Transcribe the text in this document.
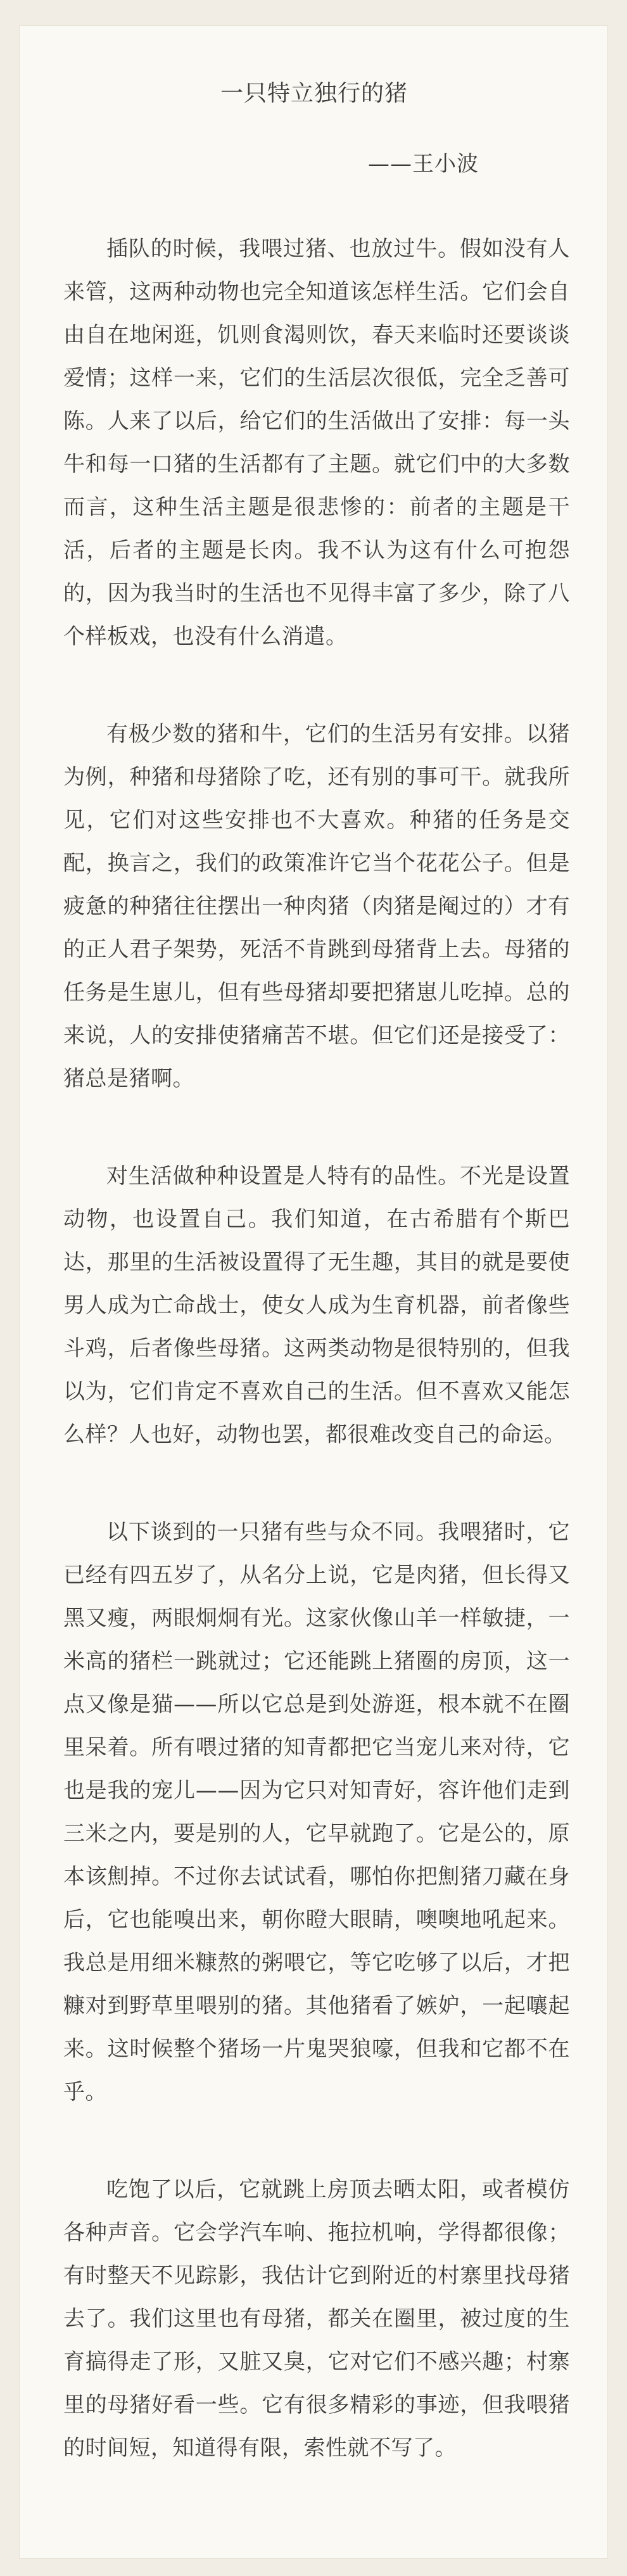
一只特立独行的猪

——王小波

插队的时候，我喂过猪、也放过牛。假如没有人来管，这两种动物也完全知道该怎样生活。它们会自由自在地闲逛，饥则食渴则饮，春天来临时还要谈谈爱情；这样一来，它们的生活层次很低，完全乏善可陈。人来了以后，给它们的生活做出了安排：每一头牛和每一口猪的生活都有了主题。就它们中的大多数而言，这种生活主题是很悲惨的：前者的主题是干活，后者的主题是长肉。我不认为这有什么可抱怨的，因为我当时的生活也不见得丰富了多少，除了八个样板戏，也没有什么消遣。

有极少数的猪和牛，它们的生活另有安排。以猪为例，种猪和母猪除了吃，还有别的事可干。就我所见，它们对这些安排也不大喜欢。种猪的任务是交配，换言之，我们的政策准许它当个花花公子。但是疲惫的种猪往往摆出一种肉猪（肉猪是阉过的）才有的正人君子架势，死活不肯跳到母猪背上去。母猪的任务是生崽儿，但有些母猪却要把猪崽儿吃掉。总的来说，人的安排使猪痛苦不堪。但它们还是接受了：猪总是猪啊。

对生活做种种设置是人特有的品性。不光是设置动物，也设置自己。我们知道，在古希腊有个斯巴达，那里的生活被设置得了无生趣，其目的就是要使男人成为亡命战士，使女人成为生育机器，前者像些斗鸡，后者像些母猪。这两类动物是很特别的，但我以为，它们肯定不喜欢自己的生活。但不喜欢又能怎么样？人也好，动物也罢，都很难改变自己的命运。

以下谈到的一只猪有些与众不同。我喂猪时，它已经有四五岁了，从名分上说，它是肉猪，但长得又黑又瘦，两眼炯炯有光。这家伙像山羊一样敏捷，一米高的猪栏一跳就过；它还能跳上猪圈的房顶，这一点又像是猫——所以它总是到处游逛，根本就不在圈里呆着。所有喂过猪的知青都把它当宠儿来对待，它也是我的宠儿——因为它只对知青好，容许他们走到三米之内，要是别的人，它早就跑了。它是公的，原本该劁掉。不过你去试试看，哪怕你把劁猪刀藏在身后，它也能嗅出来，朝你瞪大眼睛，噢噢地吼起来。我总是用细米糠熬的粥喂它，等它吃够了以后，才把糠对到野草里喂别的猪。其他猪看了嫉妒，一起嚷起来。这时候整个猪场一片鬼哭狼嚎，但我和它都不在乎。

吃饱了以后，它就跳上房顶去晒太阳，或者模仿各种声音。它会学汽车响、拖拉机响，学得都很像；有时整天不见踪影，我估计它到附近的村寨里找母猪去了。我们这里也有母猪，都关在圈里，被过度的生育搞得走了形，又脏又臭，它对它们不感兴趣；村寨里的母猪好看一些。它有很多精彩的事迹，但我喂猪的时间短，知道得有限，索性就不写了。
